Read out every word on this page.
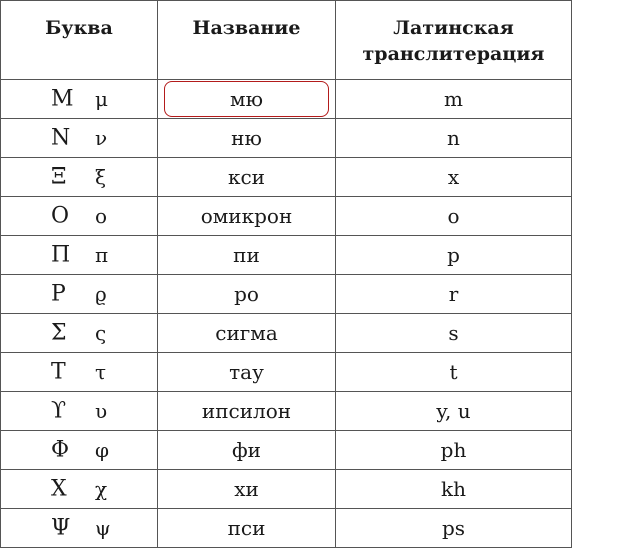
Буква	Название	Латинская
транслитерация

Μ μ	мю	m

Ν ν	ню	n

Ξ ξ	кси	x

Ο ο	омикрон	o

Π π	пи	p

Ρ ϱ	ро	r

Σ ς	сигма	s

Τ τ	тау	t

ϒ υ	ипсилон	y, u

Φ φ	фи	ph

Χ χ	хи	kh

Ψ ψ	пси	ps
